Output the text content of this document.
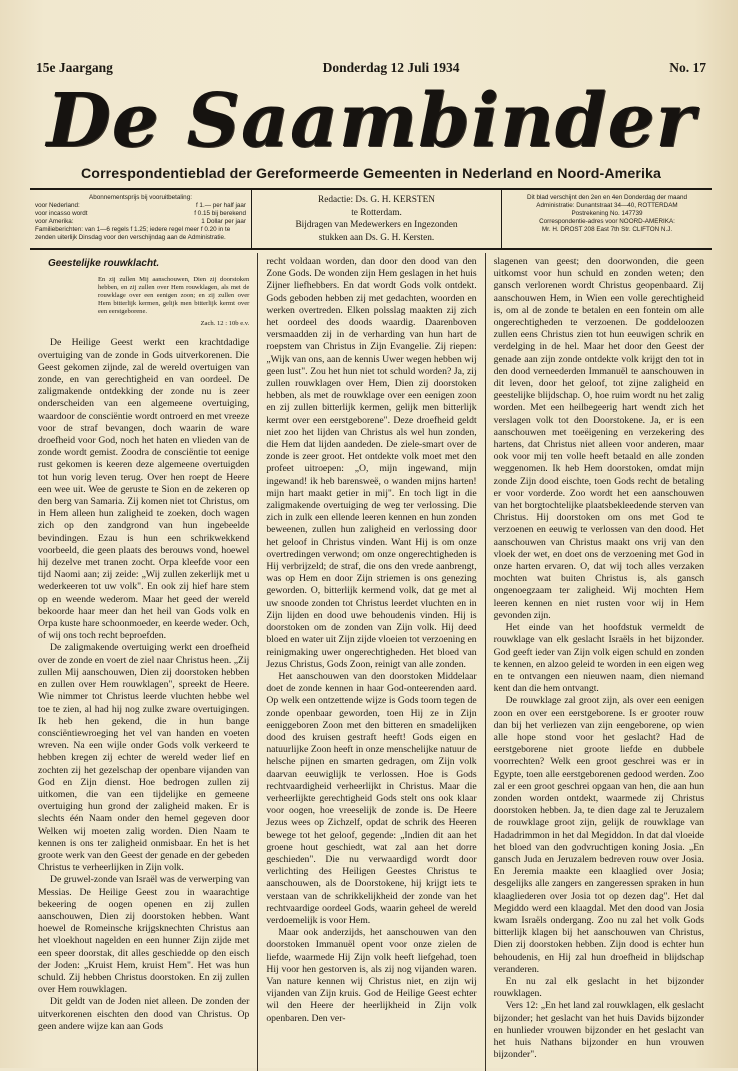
15e Jaargang	Donderdag 12 Juli 1934	No. 17
De Saambinder
Correspondentieblad der Gereformeerde Gemeenten in Nederland en Noord-Amerika
Abonnementsprijs bij vooruitbetaling:
voor Nederland:	f 1.— per half jaar
voor incasso wordt	f 0.15 bij berekend
voor Amerika:	1 Dollar per jaar
Familieberichten: van 1—6 regels f 1.25; iedere regel meer f 0.20 in te zenden uiterlijk Dinsdag voor den verschijndag aan de Administratie.
Redactie: Ds. G. H. KERSTEN
te Rotterdam.
Bijdragen van Medewerkers en Ingezonden
stukken aan Ds. G. H. Kersten.
Dit blad verschijnt den 2en en 4en Donderdag der maand
Administratie: Dunantstraat 34—40, ROTTERDAM
Postrekening No. 147739
Correspondentie-adres voor NOORD-AMERIKA:
Mr. H. DROST 208 East 7th Str. CLIFTON N.J.
Geestelijke rouwklacht.
En zij zullen Mij aanschouwen, Dien zij doorstoken hebben, en zij zullen over Hem rouwklagen, als met de rouwklage over een eenigen zoon; en zij zullen over Hem bitterlijk kermen, gelijk men bitterlijk kermt over een eerstgeborene.
Zach. 12 : 10b e.v.

De Heilige Geest werkt een krachtdadige overtuiging van de zonde in Gods uitverkorenen. Die Geest gekomen zijnde, zal de wereld overtuigen van zonde, en van gerechtigheid en van oordeel. De zaligmakende ontdekking der zonde nu is zeer onderscheiden van een algemeene overtuiging, waardoor de consciëntie wordt ontroerd en met vreeze voor de straf bevangen, doch waarin de ware droefheid voor God, noch het haten en vlieden van de zonde wordt gemist. Zoodra de consciëntie tot eenige rust gekomen is keeren deze algemeene overtuigden tot hun vorig leven terug. Over hen roept de Heere een wee uit. Wee de geruste te Sion en de zekeren op den berg van Samaria. Zij komen niet tot Christus, om in Hem alleen hun zaligheid te zoeken, doch wagen zich op den zandgrond van hun ingebeelde bevindingen. Ezau is hun een schrikwekkend voorbeeld, die geen plaats des berouws vond, hoewel hij dezelve met tranen zocht. Orpa kleefde voor een tijd Naomi aan; zij zeide: „Wij zullen zekerlijk met u wederkeeren tot uw volk". En ook zij hief hare stem op en weende wederom. Maar het geed der wereld bekoorde haar meer dan het heil van Gods volk en Orpa kuste hare schoonmoeder, en keerde weder. Och, of wij ons toch recht beproefden.

De zaligmakende overtuiging werkt een droefheid over de zonde en voert de ziel naar Christus heen. „Zij zullen Mij aanschouwen, Dien zij doorstoken hebben en zullen over Hem rouwklagen", spreekt de Heere. Wie nimmer tot Christus leerde vluchten hebbe wel toe te zien, al had hij nog zulke zware overtuigingen. Ik heb hen gekend, die in hun bange consciëntiewroeging het vel van handen en voeten wreven. Na een wijle onder Gods volk verkeerd te hebben kregen zij echter de wereld weder lief en zochten zij het gezelschap der openbare vijanden van God en Zijn dienst. Hoe bedrogen zullen zij uitkomen, die van een tijdelijke en gemeene overtuiging hun grond der zaligheid maken. Er is slechts één Naam onder den hemel gegeven door Welken wij moeten zalig worden. Dien Naam te kennen is ons ter zaligheid onmisbaar. En het is het groote werk van den Geest der genade en der gebeden Christus te verheerlijken in Zijn volk.

De gruwel-zonde van Israël was de verwerping van Messias. De Heilige Geest zou in waarachtige bekeering de oogen openen en zij zullen aanschouwen, Dien zij doorstoken hebben. Want hoewel de Romeinsche krijgsknechten Christus aan het vloekhout nagelden en een hunner Zijn zijde met een speer doorstak, dit alles geschiedde op den eisch der Joden: „Kruist Hem, kruist Hem". Het was hun schuld. Zij hebben Christus doorstoken. En zij zullen over Hem rouwklagen.

Dit geldt van de Joden niet alleen. De zonden der uitverkorenen eischten den dood van Christus. Op geen andere wijze kan aan Gods

recht voldaan worden, dan door den dood van den Zone Gods. De wonden zijn Hem geslagen in het huis Zijner liefhebbers. En dat wordt Gods volk ontdekt. Gods geboden hebben zij met gedachten, woorden en werken overtreden. Elken polsslag maakten zij zich het oordeel des doods waardig. Daarenboven versmaadden zij in de verharding van hun hart de roepstem van Christus in Zijn Evangelie. Zij riepen: „Wijk van ons, aan de kennis Uwer wegen hebben wij geen lust". Zou het hun niet tot schuld worden? Ja, zij zullen rouwklagen over Hem, Dien zij doorstoken hebben, als met de rouwklage over een eenigen zoon en zij zullen bitterlijk kermen, gelijk men bitterlijk kermt over een eerstgeborene". Deze droefheid geldt niet zoo het lijden van Christus als wel hun zonden, die Hem dat lijden aandeden. De ziele-smart over de zonde is zeer groot. Het ontdekte volk moet met den profeet uitroepen: „O, mijn ingewand, mijn ingewand! ik heb barensweë, o wanden mijns harten! mijn hart maakt getier in mij". En toch ligt in die zaligmakende overtuiging de weg ter verlossing. Die zich in zulk een ellende leeren kennen en hun zonden beweenen, zullen hun zaligheid en verlossing door het geloof in Christus vinden. Want Hij is om onze overtredingen verwond; om onze ongerechtigheden is Hij verbrijzeld; de straf, die ons den vrede aanbrengt, was op Hem en door Zijn striemen is ons genezing geworden. O, bitterlijk kermend volk, dat ge met al uw snoode zonden tot Christus leerdet vluchten en in Zijn lijden en dood uwe behoudenis vinden. Hij is doorstoken om de zonden van Zijn volk. Hij deed bloed en water uit Zijn zijde vloeien tot verzoening en reinigmaking uwer ongerechtigheden. Het bloed van Jezus Christus, Gods Zoon, reinigt van alle zonden.

Het aanschouwen van den doorstoken Middelaar doet de zonde kennen in haar God-onteerenden aard. Op welk een ontzettende wijze is Gods toorn tegen de zonde openbaar geworden, toen Hij ze in Zijn eeniggeboren Zoon met den bitteren en smadelijken dood des kruisen gestraft heeft! Gods eigen en natuurlijke Zoon heeft in onze menschelijke natuur de helsche pijnen en smarten gedragen, om Zijn volk daarvan eeuwiglijk te verlossen. Hoe is Gods rechtvaardigheid verheerlijkt in Christus. Maar die verheerlijkte gerechtigheid Gods stelt ons ook klaar voor oogen, hoe vreeselijk de zonde is. De Heere Jezus wees op Zichzelf, opdat de schrik des Heeren bewege tot het geloof, gegende: „Indien dit aan het groene hout geschiedt, wat zal aan het dorre geschieden". Die nu verwaardigd wordt door verlichting des Heiligen Geestes Christus te aanschouwen, als de Doorstokene, hij krijgt iets te verstaan van de schrikkelijkheid der zonde van het rechtvaardige oordeel Gods, waarin geheel de wereld verdoemelijk is voor Hem.

Maar ook anderzijds, het aanschouwen van den doorstoken Immanuël opent voor onze zielen de liefde, waarmede Hij Zijn volk heeft liefgehad, toen Hij voor hen gestorven is, als zij nog vijanden waren. Van nature kennen wij Christus niet, en zijn wij vijanden van Zijn kruis. God de Heilige Geest echter wil den Heere der heerlijkheid in Zijn volk openbaren. Den ver-

slagenen van geest; den doorwonden, die geen uitkomst voor hun schuld en zonden weten; den gansch verlorenen wordt Christus geopenbaard. Zij aanschouwen Hem, in Wien een volle gerechtigheid is, om al de zonde te betalen en een fontein om alle ongerechtigheden te verzoenen. De goddeloozen zullen eens Christus zien tot hun eeuwigen schrik en verdelging in de hel. Maar het door den Geest der genade aan zijn zonde ontdekte volk krijgt den tot in den dood verneederden Immanuël te aanschouwen in dit leven, door het geloof, tot zijne zaligheid en geestelijke blijdschap. O, hoe ruim wordt nu het zalig worden. Met een heilbegeerig hart wendt zich het verslagen volk tot den Doorstokene. Ja, er is een aanschouwen met toeëigening en verzekering des hartens, dat Christus niet alleen voor anderen, maar ook voor mij ten volle heeft betaald en alle zonden weggenomen. Ik heb Hem doorstoken, omdat mijn zonde Zijn dood eischte, toen Gods recht de betaling er voor vorderde. Zoo wordt het een aanschouwen van het borgtochtelijke plaatsbekleedende sterven van Christus. Hij doorstoken om ons met God te verzoenen en eeuwig te verlossen van den dood. Het aanschouwen van Christus maakt ons vrij van den vloek der wet, en doet ons de verzoening met God in onze harten ervaren. O, dat wij toch alles verzaken mochten wat buiten Christus is, als gansch ongenoegzaam ter zaligheid. Wij mochten Hem leeren kennen en niet rusten voor wij in Hem gevonden zijn.

Het einde van het hoofdstuk vermeldt de rouwklage van elk geslacht Israëls in het bijzonder. God geeft ieder van Zijn volk eigen schuld en zonden te kennen, en alzoo geleid te worden in een eigen weg en te ontvangen een nieuwen naam, dien niemand kent dan die hem ontvangt.

De rouwklage zal groot zijn, als over een eenigen zoon en over een eerstgeborene. Is er grooter rouw dan bij het verliezen van zijn eengeborene, op wien alle hope stond voor het geslacht? Had de eerstgeborene niet groote liefde en dubbele voorrechten? Welk een groot geschrei was er in Egypte, toen alle eerstgeborenen gedood werden. Zoo zal er een groot geschrei opgaan van hen, die aan hun zonden worden ontdekt, waarmede zij Christus doorstoken hebben. Ja, te dien dage zal te Jeruzalem de rouwklage groot zijn, gelijk de rouwklage van Hadadrimmon in het dal Megiddon. In dat dal vloeide het bloed van den godvruchtigen koning Josia. „En gansch Juda en Jeruzalem bedreven rouw over Josia. En Jeremia maakte een klaaglied over Josia; desgelijks alle zangers en zangeressen spraken in hun klaagliederen over Josia tot op dezen dag". Het dal Megiddo werd een klaagdal. Met den dood van Josia kwam Israëls ondergang. Zoo nu zal het volk Gods bitterlijk klagen bij het aanschouwen van Christus, Dien zij doorstoken hebben. Zijn dood is echter hun behoudenis, en Hij zal hun droefheid in blijdschap veranderen.

En nu zal elk geslacht in het bijzonder rouwklagen.

Vers 12: „En het land zal rouwklagen, elk geslacht bijzonder; het geslacht van het huis Davids bijzonder en hunlieder vrouwen bijzonder en het geslacht van het huis Nathans bijzonder en hun vrouwen bijzonder".
